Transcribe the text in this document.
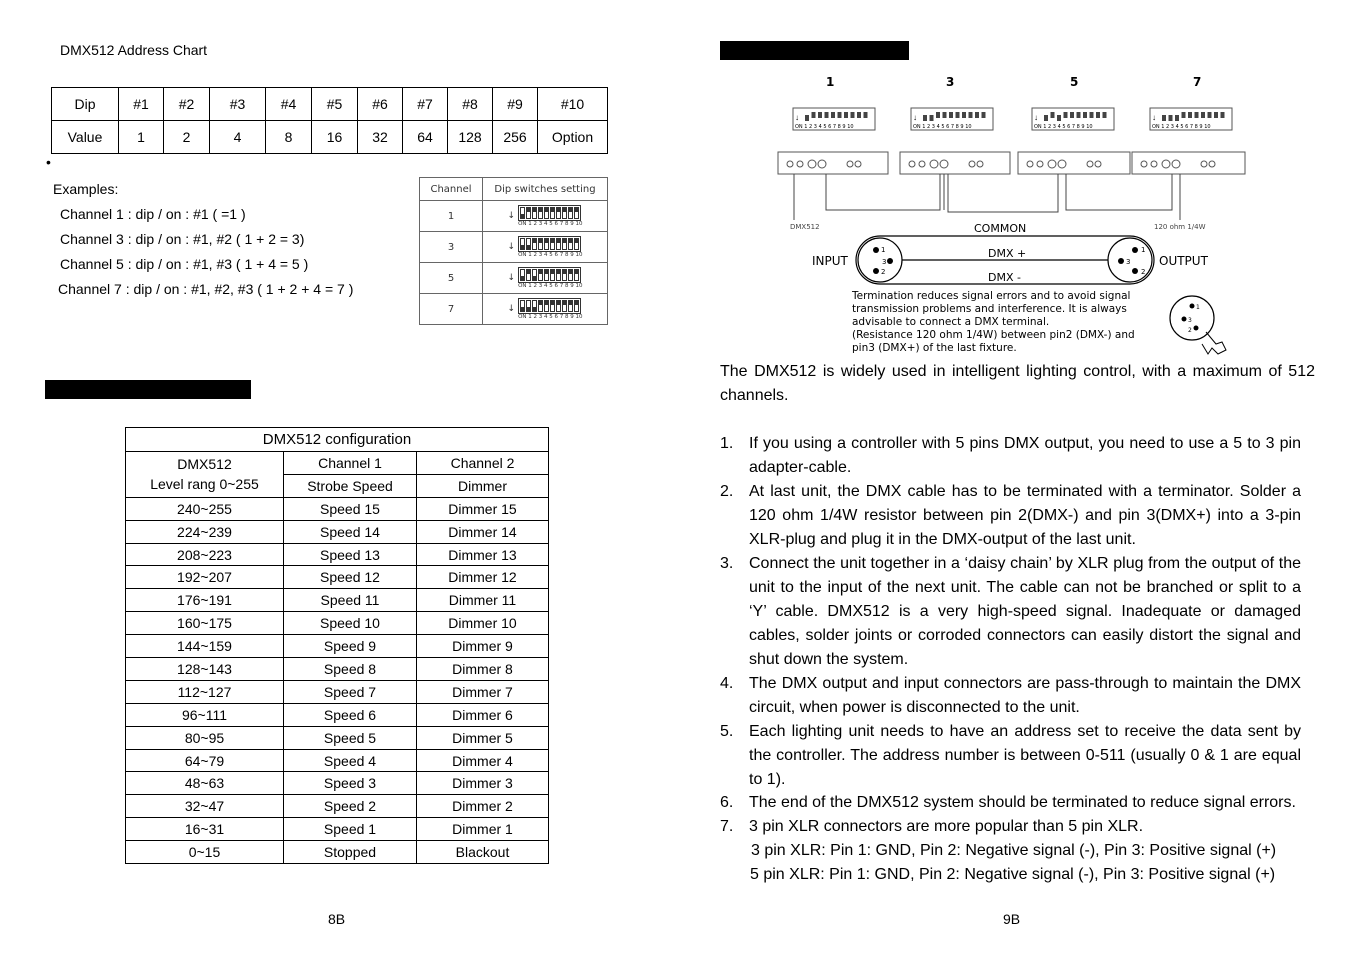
DMX512 Address Chart
Dip	#1	#2	#3	#4	#5	#6	#7	#8	#9	#10
Value	1	2	4	8	16	32	64	128	256	Option
•
Examples:
Channel 1 : dip / on : #1 ( =1 )
Channel 3 : dip / on : #1, #2 ( 1 + 2 = 3)
Channel 5 : dip / on : #1, #3 ( 1 + 4 = 5 )
Channel 7 : dip / on : #1, #2, #3 ( 1 + 2 + 4 = 7 )
Channel	Dip switches setting
1	↓
ON 1 2 3 4 5 6 7 8 9 10

3	↓
ON 1 2 3 4 5 6 7 8 9 10

5	↓
ON 1 2 3 4 5 6 7 8 9 10

7	↓
ON 1 2 3 4 5 6 7 8 9 10
DMX512 configuration		

DMX512
Level rang 0~255	Channel 1	Channel 2
	Strobe Speed	Dimmer
240~255	Speed 15	Dimmer 15
224~239	Speed 14	Dimmer 14
208~223	Speed 13	Dimmer 13
192~207	Speed 12	Dimmer 12
176~191	Speed 11	Dimmer 11
160~175	Speed 10	Dimmer 10
144~159	Speed 9	Dimmer 9
128~143	Speed 8	Dimmer 8
112~127	Speed 7	Dimmer 7
96~111	Speed 6	Dimmer 6
80~95	Speed 5	Dimmer 5
64~79	Speed 4	Dimmer 4
48~63	Speed 3	Dimmer 3
32~47	Speed 2	Dimmer 2
16~31	Speed 1	Dimmer 1
0~15	Stopped	Blackout
8B
1	3	5	7
↓
ON 1 2 3 4 5 6 7 8 9 10
↓
ON 1 2 3 4 5 6 7 8 9 10
↓
ON 1 2 3 4 5 6 7 8 9 10
↓
ON 1 2 3 4 5 6 7 8 9 10
DMX512	120 ohm 1/4W
COMMON
DMX +
DMX -
INPUT	OUTPUT
1
3
2
1
3
2
Termination reduces signal errors and to avoid signal
transmission problems and interference. It is always
advisable to connect a DMX terminal.
(Resistance 120 ohm 1/4W) between pin2 (DMX-) and
pin3 (DMX+) of the last fixture.
1
3
2
The DMX512 is widely used in intelligent lighting control, with a maximum of 512 channels.
1. If you using a controller with 5 pins DMX output, you need to use a 5 to 3 pin adapter-cable.
2. At last unit, the DMX cable has to be terminated with a terminator. Solder a 120 ohm 1/4W resistor between pin 2(DMX-) and pin 3(DMX+) into a 3-pin XLR-plug and plug it in the DMX-output of the last unit.
3. Connect the unit together in a ‘daisy chain’ by XLR plug from the output of the unit to the input of the next unit. The cable can not be branched or split to a ‘Y’ cable. DMX512 is a very high-speed signal. Inadequate or damaged cables, solder joints or corroded connectors can easily distort the signal and shut down the system.
4. The DMX output and input connectors are pass-through to maintain the DMX circuit, when power is disconnected to the unit.
5. Each lighting unit needs to have an address set to receive the data sent by the controller. The address number is between 0-511 (usually 0 & 1 are equal to 1).
6. The end of the DMX512 system should be terminated to reduce signal errors.
7. 3 pin XLR connectors are more popular than 5 pin XLR.
3 pin XLR: Pin 1: GND, Pin 2: Negative signal (-), Pin 3: Positive signal (+)
5 pin XLR: Pin 1: GND, Pin 2: Negative signal (-), Pin 3: Positive signal (+)
9B
